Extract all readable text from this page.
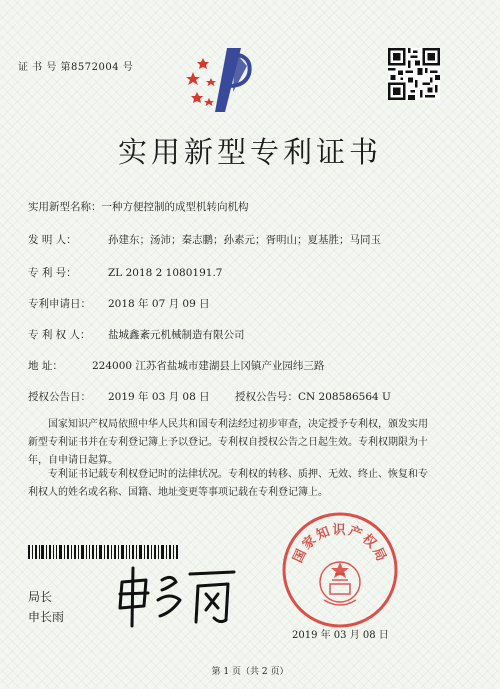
证 书 号 第8572004 号
实用新型专利证书
实用新型名称：一种方便控制的成型机转向机构
发 明 人：	孙建东；汤沛；秦志鹏；孙素元；胥明山；夏基胜；马同玉
专 利 号：	ZL 2018 2 1080191.7
专利申请日： 2018 年 07 月 09 日
专 利 权 人： 盐城鑫紊元机械制造有限公司
地 址：	224000 江苏省盐城市建湖县上冈镇产业园纬三路
授权公告日： 2019 年 03 月 08 日 授权公告号：CN 208586564 U
国家知识产权局依照中华人民共和国专利法经过初步审查，决定授予专利权，颁发实用
新型专利证书并在专利登记簿上予以登记。专利权自授权公告之日起生效。专利权期限为十
年，自申请日起算。
专利证书记载专利权登记时的法律状况。专利权的转移、质押、无效、终止、恢复和专
利权人的姓名或名称、国籍、地址变更等事项记载在专利登记簿上。
局长
申长雨
国家知识产权局
2019 年 03 月 08 日
第 1 页（共 2 页）
